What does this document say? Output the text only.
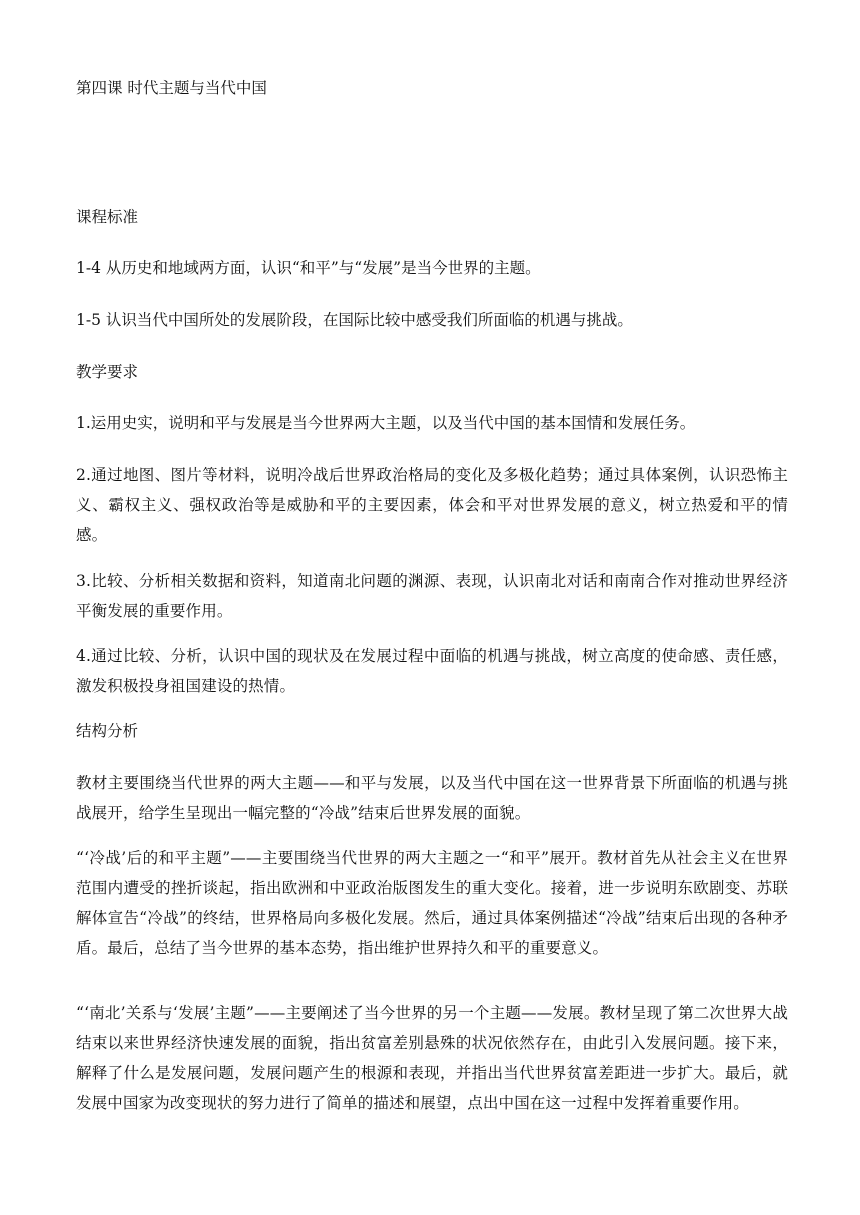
第四课 时代主题与当代中国
课程标准
1-4 从历史和地域两方面，认识“和平”与“发展”是当今世界的主题。
1-5 认识当代中国所处的发展阶段，在国际比较中感受我们所面临的机遇与挑战。
教学要求
1.运用史实，说明和平与发展是当今世界两大主题，以及当代中国的基本国情和发展任务。
2.通过地图、图片等材料，说明冷战后世界政治格局的变化及多极化趋势；通过具体案例，认识恐怖主义、霸权主义、强权政治等是威胁和平的主要因素，体会和平对世界发展的意义，树立热爱和平的情感。
3.比较、分析相关数据和资料，知道南北问题的渊源、表现，认识南北对话和南南合作对推动世界经济平衡发展的重要作用。
4.通过比较、分析，认识中国的现状及在发展过程中面临的机遇与挑战，树立高度的使命感、责任感，激发积极投身祖国建设的热情。
结构分析
教材主要围绕当代世界的两大主题——和平与发展，以及当代中国在这一世界背景下所面临的机遇与挑战展开，给学生呈现出一幅完整的“冷战”结束后世界发展的面貌。
“‘冷战’后的和平主题”——主要围绕当代世界的两大主题之一“和平”展开。教材首先从社会主义在世界范围内遭受的挫折谈起，指出欧洲和中亚政治版图发生的重大变化。接着，进一步说明东欧剧变、苏联解体宣告“冷战”的终结，世界格局向多极化发展。然后，通过具体案例描述“冷战”结束后出现的各种矛盾。最后，总结了当今世界的基本态势，指出维护世界持久和平的重要意义。
“‘南北’关系与‘发展’主题”——主要阐述了当今世界的另一个主题——发展。教材呈现了第二次世界大战结束以来世界经济快速发展的面貌，指出贫富差别悬殊的状况依然存在，由此引入发展问题。接下来，解释了什么是发展问题，发展问题产生的根源和表现，并指出当代世界贫富差距进一步扩大。最后，就发展中国家为改变现状的努力进行了简单的描述和展望，点出中国在这一过程中发挥着重要作用。
